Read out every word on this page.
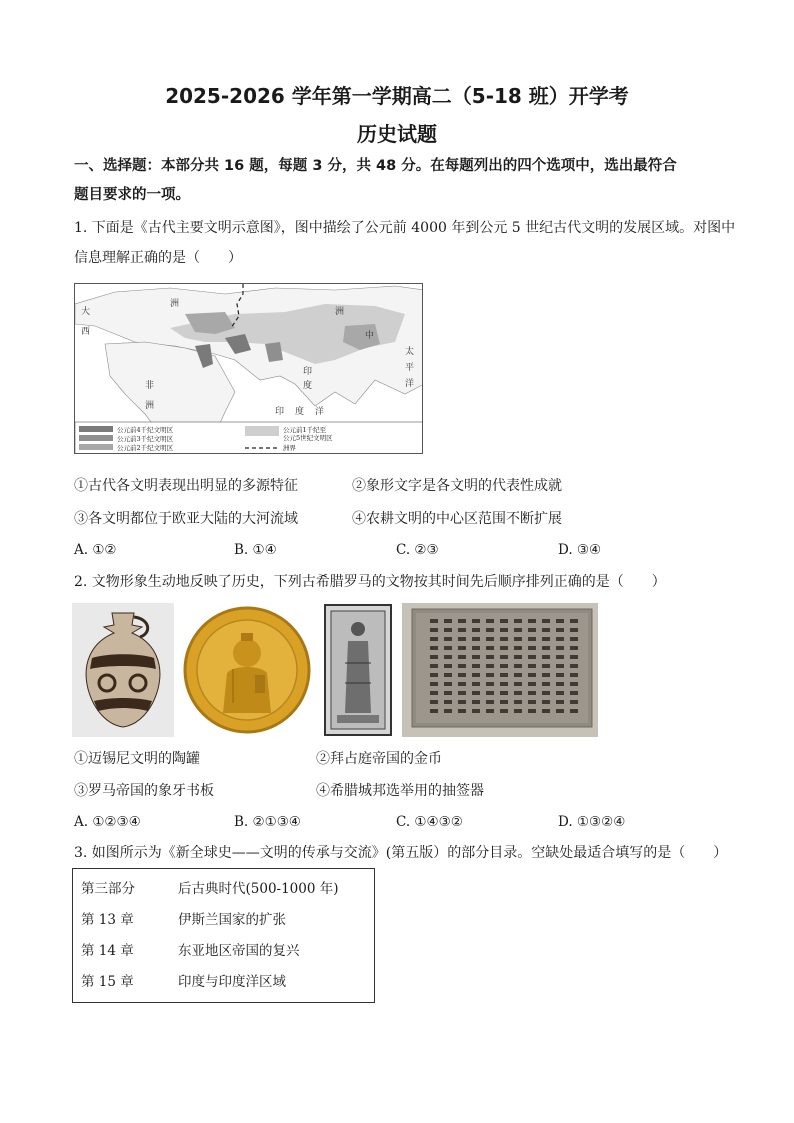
2025-2026 学年第一学期高二（5-18 班）开学考
历史试题
一、选择题：本部分共 16 题，每题 3 分，共 48 分。在每题列出的四个选项中，选出最符合
题目要求的一项。
1. 下面是《古代主要文明示意图》，图中描绘了公元前 4000 年到公元 5 世纪古代文明的发展区域。对图中
信息理解正确的是（　　）
大
西
洲
洲
中
印
度
太
平
洋
非
洲
印 度 洋
公元前4千纪文明区
公元前3千纪文明区
公元前2千纪文明区
公元前1千纪至
公元5世纪文明区
洲界
①古代各文明表现出明显的多源特征	②象形文字是各文明的代表性成就
③各文明都位于欧亚大陆的大河流域	④农耕文明的中心区范围不断扩展
A. ①②	B. ①④	C. ②③	D. ③④
2. 文物形象生动地反映了历史，下列古希腊罗马的文物按其时间先后顺序排列正确的是（　　）
①迈锡尼文明的陶罐	②拜占庭帝国的金币
③罗马帝国的象牙书板	④希腊城邦选举用的抽签器
A. ①②③④	B. ②①③④	C. ①④③②	D. ①③②④
3. 如图所示为《新全球史——文明的传承与交流》(第五版）的部分目录。空缺处最适合填写的是（　　）
第三部分	后古典时代(500-1000 年)
第 13 章	伊斯兰国家的扩张
第 14 章	东亚地区帝国的复兴
第 15 章	印度与印度洋区域
